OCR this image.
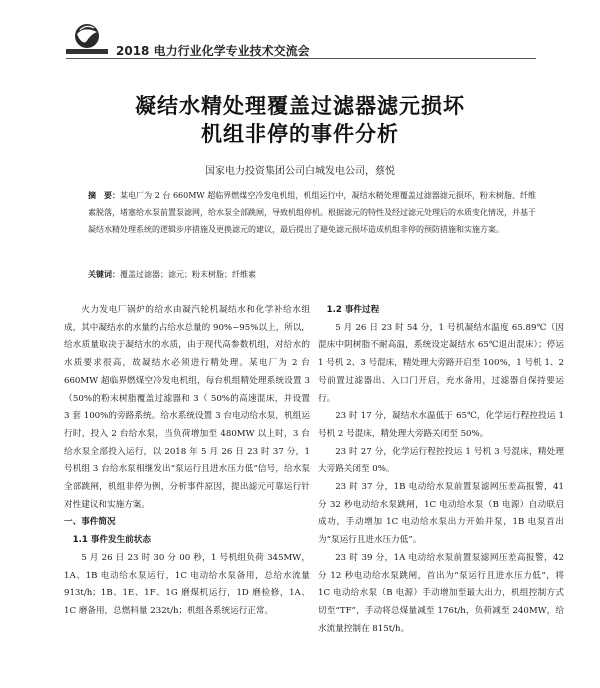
2018 电力行业化学专业技术交流会
凝结水精处理覆盖过滤器滤元损坏
机组非停的事件分析
国家电力投资集团公司白城发电公司，蔡悦

摘　要：某电厂为 2 台 660MW 超临界燃煤空冷发电机组，机组运行中，凝结水精处理覆盖过滤器滤元损坏，粉末树脂、纤维素脱落，堵塞给水泵前置泵滤网，给水泵全部跳闸，导致机组停机。根据滤元的特性及经过滤元处理后的水质变化情况，并基于凝结水精处理系统的逻辑步序措施及更换滤元的建议，最后提出了避免滤元损坏造成机组非停的预防措施和实施方案。

关键词：覆盖过滤器；滤元；粉末树脂；纤维素

火力发电厂锅炉的给水由凝汽轮机凝结水和化学补给水组成，其中凝结水的水量约占给水总量的 90%~95%以上，所以，给水质量取决于凝结水的水质，由于现代高参数机组，对给水的水质要求很高，故凝结水必须进行精处理。某电厂为 2 台 660MW 超临界燃煤空冷发电机组，每台机组精处理系统设置 3（50%的粉末树脂覆盖过滤器和 3（ 50%的高速混床，并设置 3 套 100%的旁路系统。给水系统设置 3 台电动给水泵，机组运行时，投入 2 台给水泵，当负荷增加至 480MW 以上时，3 台给水泵全部投入运行，以 2018 年 5 月 26 日 23 时 37 分，1 号机组 3 台给水泵相继发出“泵运行且进水压力低”信号，给水泵全部跳闸，机组非停为例，分析事件原因，提出滤元可靠运行针对性建议和实施方案。

一、事件简况

1.1 事件发生前状态

5 月 26 日 23 时 30 分 00 秒，1 号机组负荷 345MW，1A、1B 电动给水泵运行，1C 电动给水泵备用，总给水流量 913t/h；1B、1E、1F、1G 磨煤机运行，1D 磨检修，1A、1C 磨备用，总燃料量 232t/h；机组各系统运行正常。

1.2 事件过程

5 月 26 日 23 时 54 分，1 号机凝结水温度 65.89℃（因混床中阴树脂不耐高温，系统设定凝结水 65℃退出混床）；停运 1 号机 2、3 号混床，精处理大旁路开启至 100%，1 号机 1、2 号前置过滤器出、入口门开启，充水备用，过滤器自保持要运行。

23 时 17 分，凝结水水温低于 65℃，化学运行程控投运 1 号机 2 号混床，精处理大旁路关闭至 50%。

23 时 27 分，化学运行程控投运 1 号机 3 号混床，精处理大旁路关闭至 0%。

23 时 37 分，1B 电动给水泵前置泵滤网压差高报警，41 分 32 秒电动给水泵跳闸，1C 电动给水泵（B 电源）自动联启成功，手动增加 1C 电动给水泵出力开始并泵，1B 电泵首出为“泵运行且进水压力低”。

23 时 39 分，1A 电动给水泵前置泵滤网压差高报警，42 分 12 秒电动给水泵跳闸，首出为“泵运行且进水压力低”，将 1C 电动给水泵（B 电源）手动增加至最大出力，机组控制方式切至“TF”，手动将总煤量减至 176t/h，负荷减至 240MW，给水流量控制在 815t/h。
